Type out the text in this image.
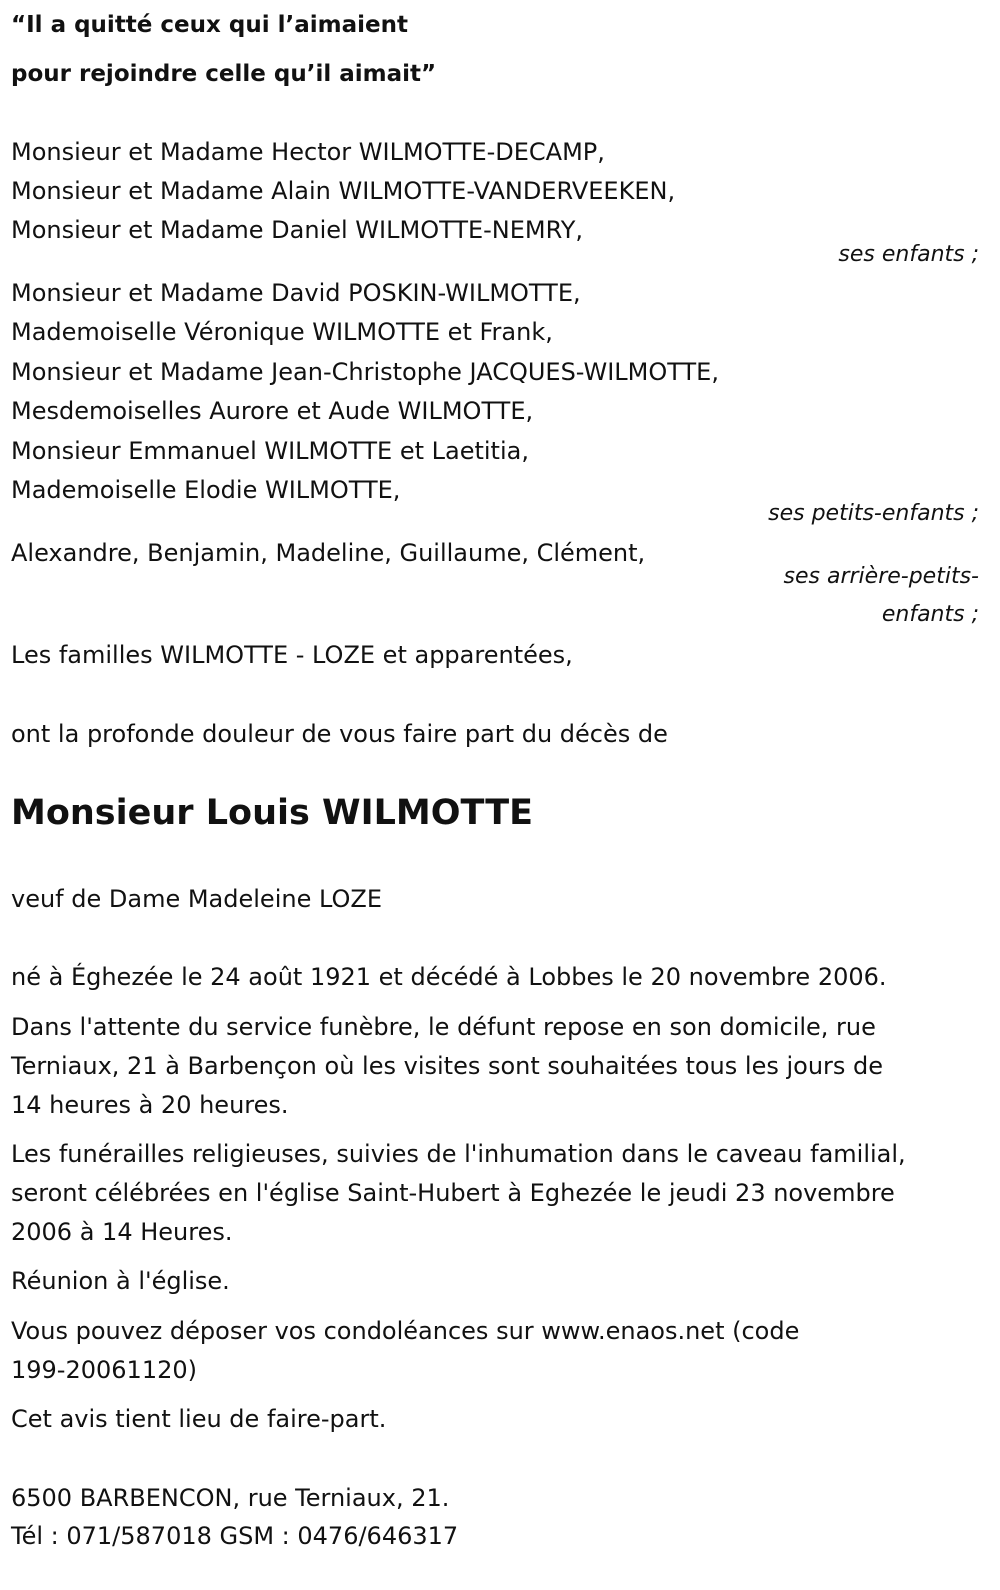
“Il a quitté ceux qui l’aimaient
pour rejoindre celle qu’il aimait”
Monsieur et Madame Hector WILMOTTE-DECAMP,
Monsieur et Madame Alain WILMOTTE-VANDERVEEKEN,
Monsieur et Madame Daniel WILMOTTE-NEMRY,
ses enfants ;
Monsieur et Madame David POSKIN-WILMOTTE,
Mademoiselle Véronique WILMOTTE et Frank,
Monsieur et Madame Jean-Christophe JACQUES-WILMOTTE,
Mesdemoiselles Aurore et Aude WILMOTTE,
Monsieur Emmanuel WILMOTTE et Laetitia,
Mademoiselle Elodie WILMOTTE,
ses petits-enfants ;
Alexandre, Benjamin, Madeline, Guillaume, Clément,
ses arrière-petits-
enfants ;
Les familles WILMOTTE - LOZE et apparentées,
ont la profonde douleur de vous faire part du décès de
Monsieur Louis WILMOTTE
veuf de Dame Madeleine LOZE
né à Éghezée le 24 août 1921 et décédé à Lobbes le 20 novembre 2006.
Dans l'attente du service funèbre, le défunt repose en son domicile, rue
Terniaux, 21 à Barbençon où les visites sont souhaitées tous les jours de
14 heures à 20 heures.
Les funérailles religieuses, suivies de l'inhumation dans le caveau familial,
seront célébrées en l'église Saint-Hubert à Eghezée le jeudi 23 novembre
2006 à 14 Heures.
Réunion à l'église.
Vous pouvez déposer vos condoléances sur www.enaos.net (code
199-20061120)
Cet avis tient lieu de faire-part.
6500 BARBENCON, rue Terniaux, 21.
Tél : 071/587018 GSM : 0476/646317
